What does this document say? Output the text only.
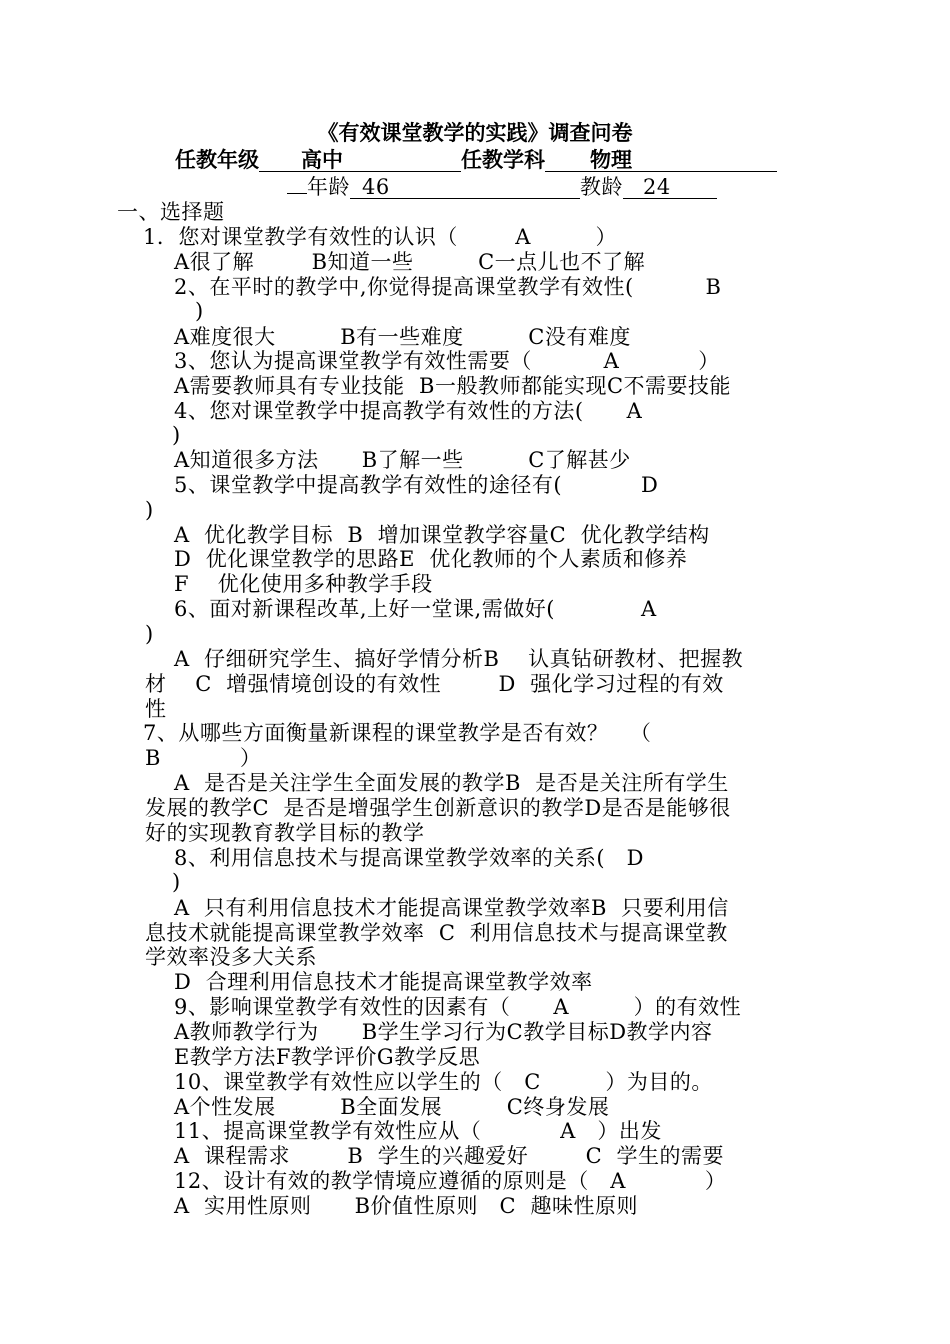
《有效课堂教学的实践》调查问卷
任教年级 高中	任教学科 物理
年龄 46	教龄 24
一、选择题
1．您对课堂教学有效性的认识（        A         ）
A很了解        B知道一些         C一点儿也不了解
2、在平时的教学中,你觉得提高课堂教学有效性(          B
)
A难度很大         B有一些难度         C没有难度
3、您认为提高课堂教学有效性需要（          A           ）
A需要教师具有专业技能  B一般教师都能实现C不需要技能
4、您对课堂教学中提高教学有效性的方法(      A
)
A知道很多方法      B了解一些         C了解甚少
5、课堂教学中提高教学有效性的途径有(           D
)
A  优化教学目标  B  增加课堂教学容量C  优化教学结构
D  优化课堂教学的思路E  优化教师的个人素质和修养
F    优化使用多种教学手段
6、面对新课程改革,上好一堂课,需做好(            A
)
A  仔细研究学生、搞好学情分析B    认真钻研教材、把握教
材    C  增强情境创设的有效性        D  强化学习过程的有效
性
7、从哪些方面衡量新课程的课堂教学是否有效？   （
B           ）
A  是否是关注学生全面发展的教学B  是否是关注所有学生
发展的教学C  是否是增强学生创新意识的教学D是否是能够很
好的实现教育教学目标的教学
8、利用信息技术与提高课堂教学效率的关系(   D
)
A  只有利用信息技术才能提高课堂教学效率B  只要利用信
息技术就能提高课堂教学效率  C  利用信息技术与提高课堂教
学效率没多大关系
D  合理利用信息技术才能提高课堂教学效率
9、影响课堂教学有效性的因素有（      A         ）的有效性
A教师教学行为      B学生学习行为C教学目标D教学内容
E教学方法F教学评价G教学反思
10、课堂教学有效性应以学生的（   C         ）为目的。
A个性发展         B全面发展         C终身发展
11、提高课堂教学有效性应从（           A   ）出发
A  课程需求        B  学生的兴趣爱好        C  学生的需要
12、设计有效的教学情境应遵循的原则是（   A           ）
A  实用性原则      B价值性原则   C  趣味性原则
